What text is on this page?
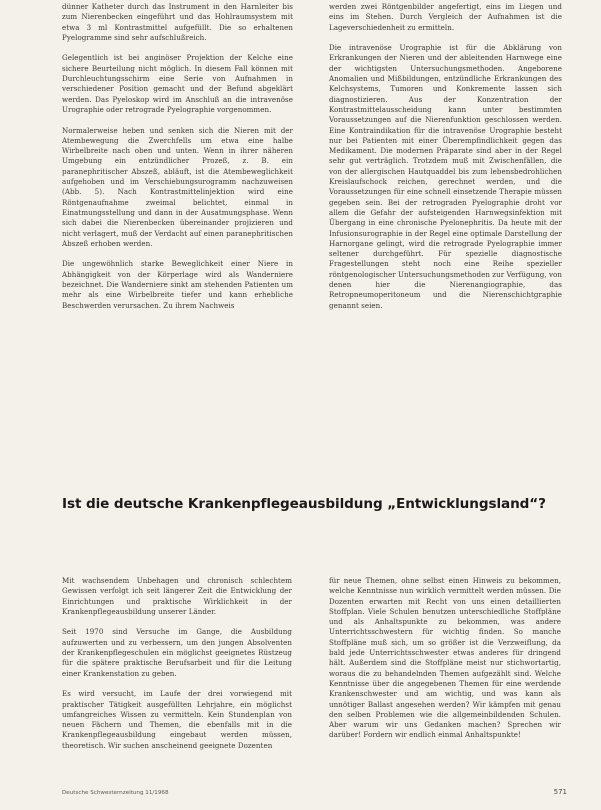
dünner Katheter durch das Instrument in den Harnleiter bis zum Nierenbecken eingeführt und das Hohlraumsystem mit etwa 3 ml Kontrastmittel aufgefüllt. Die so erhaltenen Pyelogramme sind sehr aufschlußreich.

Gelegentlich ist bei anginöser Projektion der Kelche eine sichere Beurteilung nicht möglich. In diesem Fall können mit Durchleuchtungsschirm eine Serie von Aufnahmen in verschiedener Position gemacht und der Befund abgeklärt werden. Das Pyeloskop wird im Anschluß an die intravenöse Urographie oder retrograde Pyelographie vorgenommen.

Normalerweise heben und senken sich die Nieren mit der Atembewegung die Zwerchfells um etwa eine halbe Wirbelbreite nach oben und unten. Wenn in ihrer näheren Umgebung ein entzündlicher Prozeß, z. B. ein paranephritischer Abszeß, abläuft, ist die Atembeweglichkeit aufgehoben und im Verschiebungsurogramm nachzuweisen (Abb. 5). Nach Kontrastmittelinjektion wird eine Röntgenaufnahme zweimal belichtet, einmal in Einatmungsstellung und dann in der Ausatmungsphase. Wenn sich dabei die Nierenbecken übereinander projizieren und nicht verlagert, muß der Verdacht auf einen paranephritischen Abszeß erhoben werden.

Die ungewöhnlich starke Beweglichkeit einer Niere in Abhängigkeit von der Körperlage wird als Wanderniere bezeichnet. Die Wanderniere sinkt am stehenden Patienten um mehr als eine Wirbelbreite tiefer und kann erhebliche Beschwerden verursachen. Zu ihrem Nachweis

werden zwei Röntgenbilder angefertigt, eins im Liegen und eins im Stehen. Durch Vergleich der Aufnahmen ist die Lageverschiedenheit zu ermitteln.

Die intravenöse Urographie ist für die Abklärung von Erkrankungen der Nieren und der ableitenden Harnwege eine der wichtigsten Untersuchungsmethoden. Angeborene Anomalien und Mißbildungen, entzündliche Erkrankungen des Kelchsystems, Tumoren und Konkremente lassen sich diagnostizieren. Aus der Konzentration der Kontrastmittelausscheidung kann unter bestimmten Voraussetzungen auf die Nierenfunktion geschlossen werden. Eine Kontraindikation für die intravenöse Urographie besteht nur bei Patienten mit einer Überempfindlichkeit gegen das Medikament. Die modernen Präparate sind aber in der Regel sehr gut verträglich. Trotzdem muß mit Zwischenfällen, die von der allergischen Hautquaddel bis zum lebensbedrohlichen Kreislaufschock reichen, gerechnet werden, und die Voraussetzungen für eine schnell einsetzende Therapie müssen gegeben sein. Bei der retrograden Pyelographie droht vor allem die Gefahr der aufsteigenden Harnwegsinfektion mit Übergang in eine chronische Pyelonephritis. Da heute mit der Infusionsurographie in der Regel eine optimale Darstellung der Harnorgane gelingt, wird die retrograde Pyelographie immer seltener durchgeführt. Für spezielle diagnostische Fragestellungen steht noch eine Reihe spezieller röntgenologischer Untersuchungsmethoden zur Verfügung, von denen hier die Nierenangiographie, das Retropneumoperitoneum und die Nierenschichtgraphie genannt seien.

Ist die deutsche Krankenpflegeausbildung „Entwicklungsland“?

Mit wachsendem Unbehagen und chronisch schlechtem Gewissen verfolgt ich seit längerer Zeit die Entwicklung der Einrichtungen und praktische Wirklichkeit in der Krankenpflegeausbildung unserer Länder.

Seit 1970 sind Versuche im Gange, die Ausbildung aufzuwerten und zu verbessern, um den jungen Absolventen der Krankenpflegeschulen ein möglichst geeignetes Rüstzeug für die spätere praktische Berufsarbeit und für die Leitung einer Krankenstation zu geben.

Es wird versucht, im Laufe der drei vorwiegend mit praktischer Tätigkeit ausgefüllten Lehrjahre, ein möglichst umfangreiches Wissen zu vermitteln. Kein Stundenplan von neuen Fächern und Themen, die ebenfalls mit in die Krankenpflegeausbildung eingebaut werden müssen, theoretisch. Wir suchen anscheinend geeignete Dozenten

für neue Themen, ohne selbst einen Hinweis zu bekommen, welche Kenntnisse nun wirklich vermittelt werden müssen. Die Dozenten erwarten mit Recht von uns einen detaillierten Stoffplan. Viele Schulen benutzen unterschiedliche Stoffpläne und als Anhaltspunkte zu bekommen, was andere Unterrichtsschwestern für wichtig finden. So manche Stoffpläne muß sich, um so größer ist die Verzweiflung, da bald jede Unterrichtsschwester etwas anderes für dringend hält. Außerdem sind die Stoffpläne meist nur stichwortartig, woraus die zu behandelnden Themen aufgezählt sind. Welche Kenntnisse über die angegebenen Themen für eine werdende Krankenschwester und am wichtig, und was kann als unnötiger Ballast angesehen werden? Wir kämpfen mit genau den selben Problemen wie die allgemeinbildenden Schulen. Aber warum wir uns Gedanken machen? Sprechen wir darüber! Fordern wir endlich einmal Anhaltspunkte!

Deutsche Schwesternzeitung 11/1968	571
